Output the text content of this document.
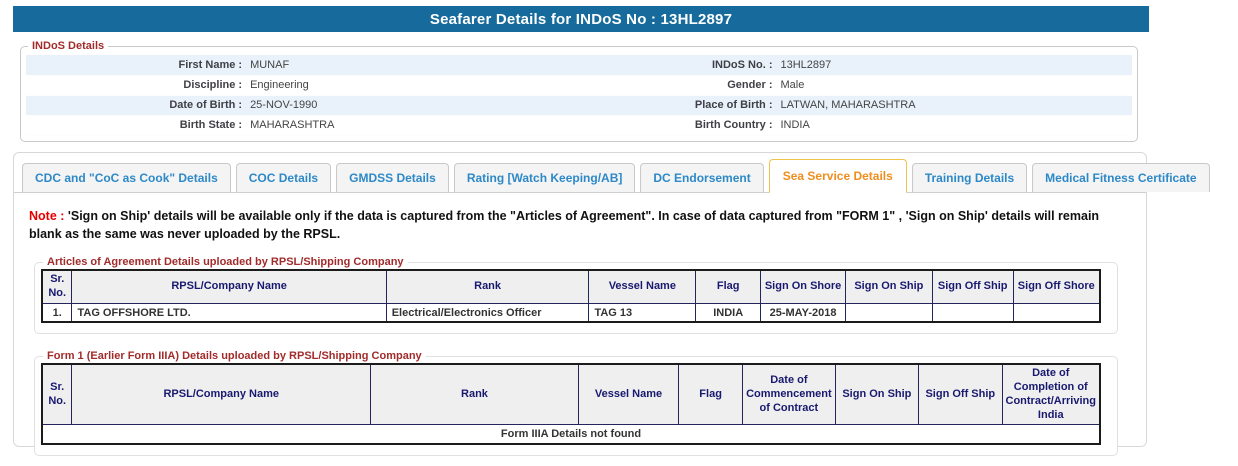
Seafarer Details for INDoS No : 13HL2897
INDoS Details
First Name :	MUNAF	INDoS No. :	13HL2897
Discipline :	Engineering	Gender :	Male
Date of Birth :	25-NOV-1990	Place of Birth :	LATWAN, MAHARASHTRA
Birth State :	MAHARASHTRA	Birth Country :	INDIA
CDC and "CoC as Cook" Details	COC Details	GMDSS Details	Rating [Watch Keeping/AB]	DC Endorsement	Sea Service Details	Training Details	Medical Fitness Certificate
Note : 'Sign on Ship' details will be available only if the data is captured from the "Articles of Agreement". In case of data captured from "FORM 1" , 'Sign on Ship' details will remain blank as the same was never uploaded by the RPSL.
Articles of Agreement Details uploaded by RPSL/Shipping Company
Sr. No.	RPSL/Company Name	Rank	Vessel Name	Flag	Sign On Shore	Sign On Ship	Sign Off Ship	Sign Off Shore
1.	TAG OFFSHORE LTD.	Electrical/Electronics Officer	TAG 13	INDIA	25-MAY-2018			
Form 1 (Earlier Form IIIA) Details uploaded by RPSL/Shipping Company
Sr. No.	RPSL/Company Name	Rank	Vessel Name	Flag	Date of Commencement of Contract	Sign On Ship	Sign Off Ship	Date of Completion of Contract/Arriving India
Form IIIA Details not found
